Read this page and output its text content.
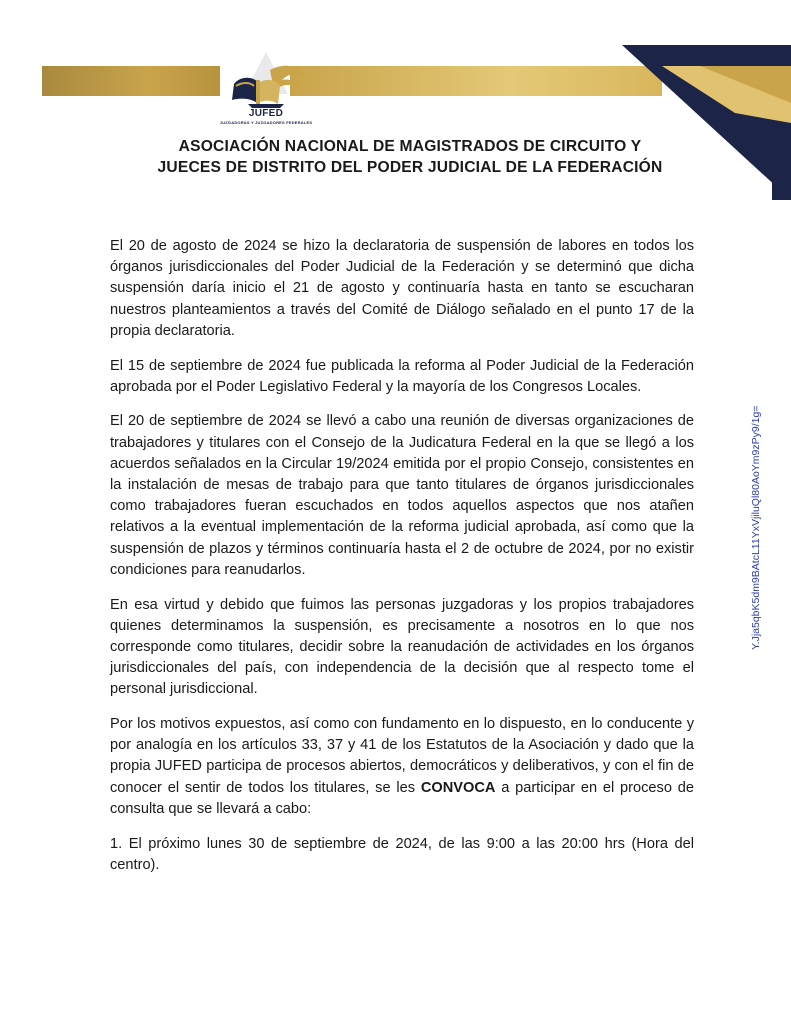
JUFED
JUZGADORAS Y JUZGADORES FEDERALES
ASOCIACIÓN NACIONAL DE MAGISTRADOS DE CIRCUITO Y
JUECES DE DISTRITO DEL PODER JUDICIAL DE LA FEDERACIÓN

El 20 de agosto de 2024 se hizo la declaratoria de suspensión de labores en todos los órganos jurisdiccionales del Poder Judicial de la Federación y se determinó que dicha suspensión daría inicio el 21 de agosto y continuaría hasta en tanto se escucharan nuestros planteamientos a través del Comité de Diálogo señalado en el punto 17 de la propia declaratoria.

El 15 de septiembre de 2024 fue publicada la reforma al Poder Judicial de la Federación aprobada por el Poder Legislativo Federal y la mayoría de los Congresos Locales.

El 20 de septiembre de 2024 se llevó a cabo una reunión de diversas organizaciones de trabajadores y titulares con el Consejo de la Judicatura Federal en la que se llegó a los acuerdos señalados en la Circular 19/2024 emitida por el propio Consejo, consistentes en la instalación de mesas de trabajo para que tanto titulares de órganos jurisdiccionales como trabajadores fueran escuchados en todos aquellos aspectos que nos atañen relativos a la eventual implementación de la reforma judicial aprobada, así como que la suspensión de plazos y términos continuaría hasta el 2 de octubre de 2024, por no existir condiciones para reanudarlos.

En esa virtud y debido que fuimos las personas juzgadoras y los propios trabajadores quienes determinamos la suspensión, es precisamente a nosotros en lo que nos corresponde como titulares, decidir sobre la reanudación de actividades en los órganos jurisdiccionales del país, con independencia de la decisión que al respecto tome el personal jurisdiccional.

Por los motivos expuestos, así como con fundamento en lo dispuesto, en lo conducente y por analogía en los artículos 33, 37 y 41 de los Estatutos de la Asociación y dado que la propia JUFED participa de procesos abiertos, democráticos y deliberativos, y con el fin de conocer el sentir de todos los titulares, se les CONVOCA a participar en el proceso de consulta que se llevará a cabo:

1. El próximo lunes 30 de septiembre de 2024, de las 9:00 a las 20:00 hrs (Hora del centro).

Y.Jja5qbK5dm9BAtcL11YxVjiluQl80AoYm9zPy9/1g=
